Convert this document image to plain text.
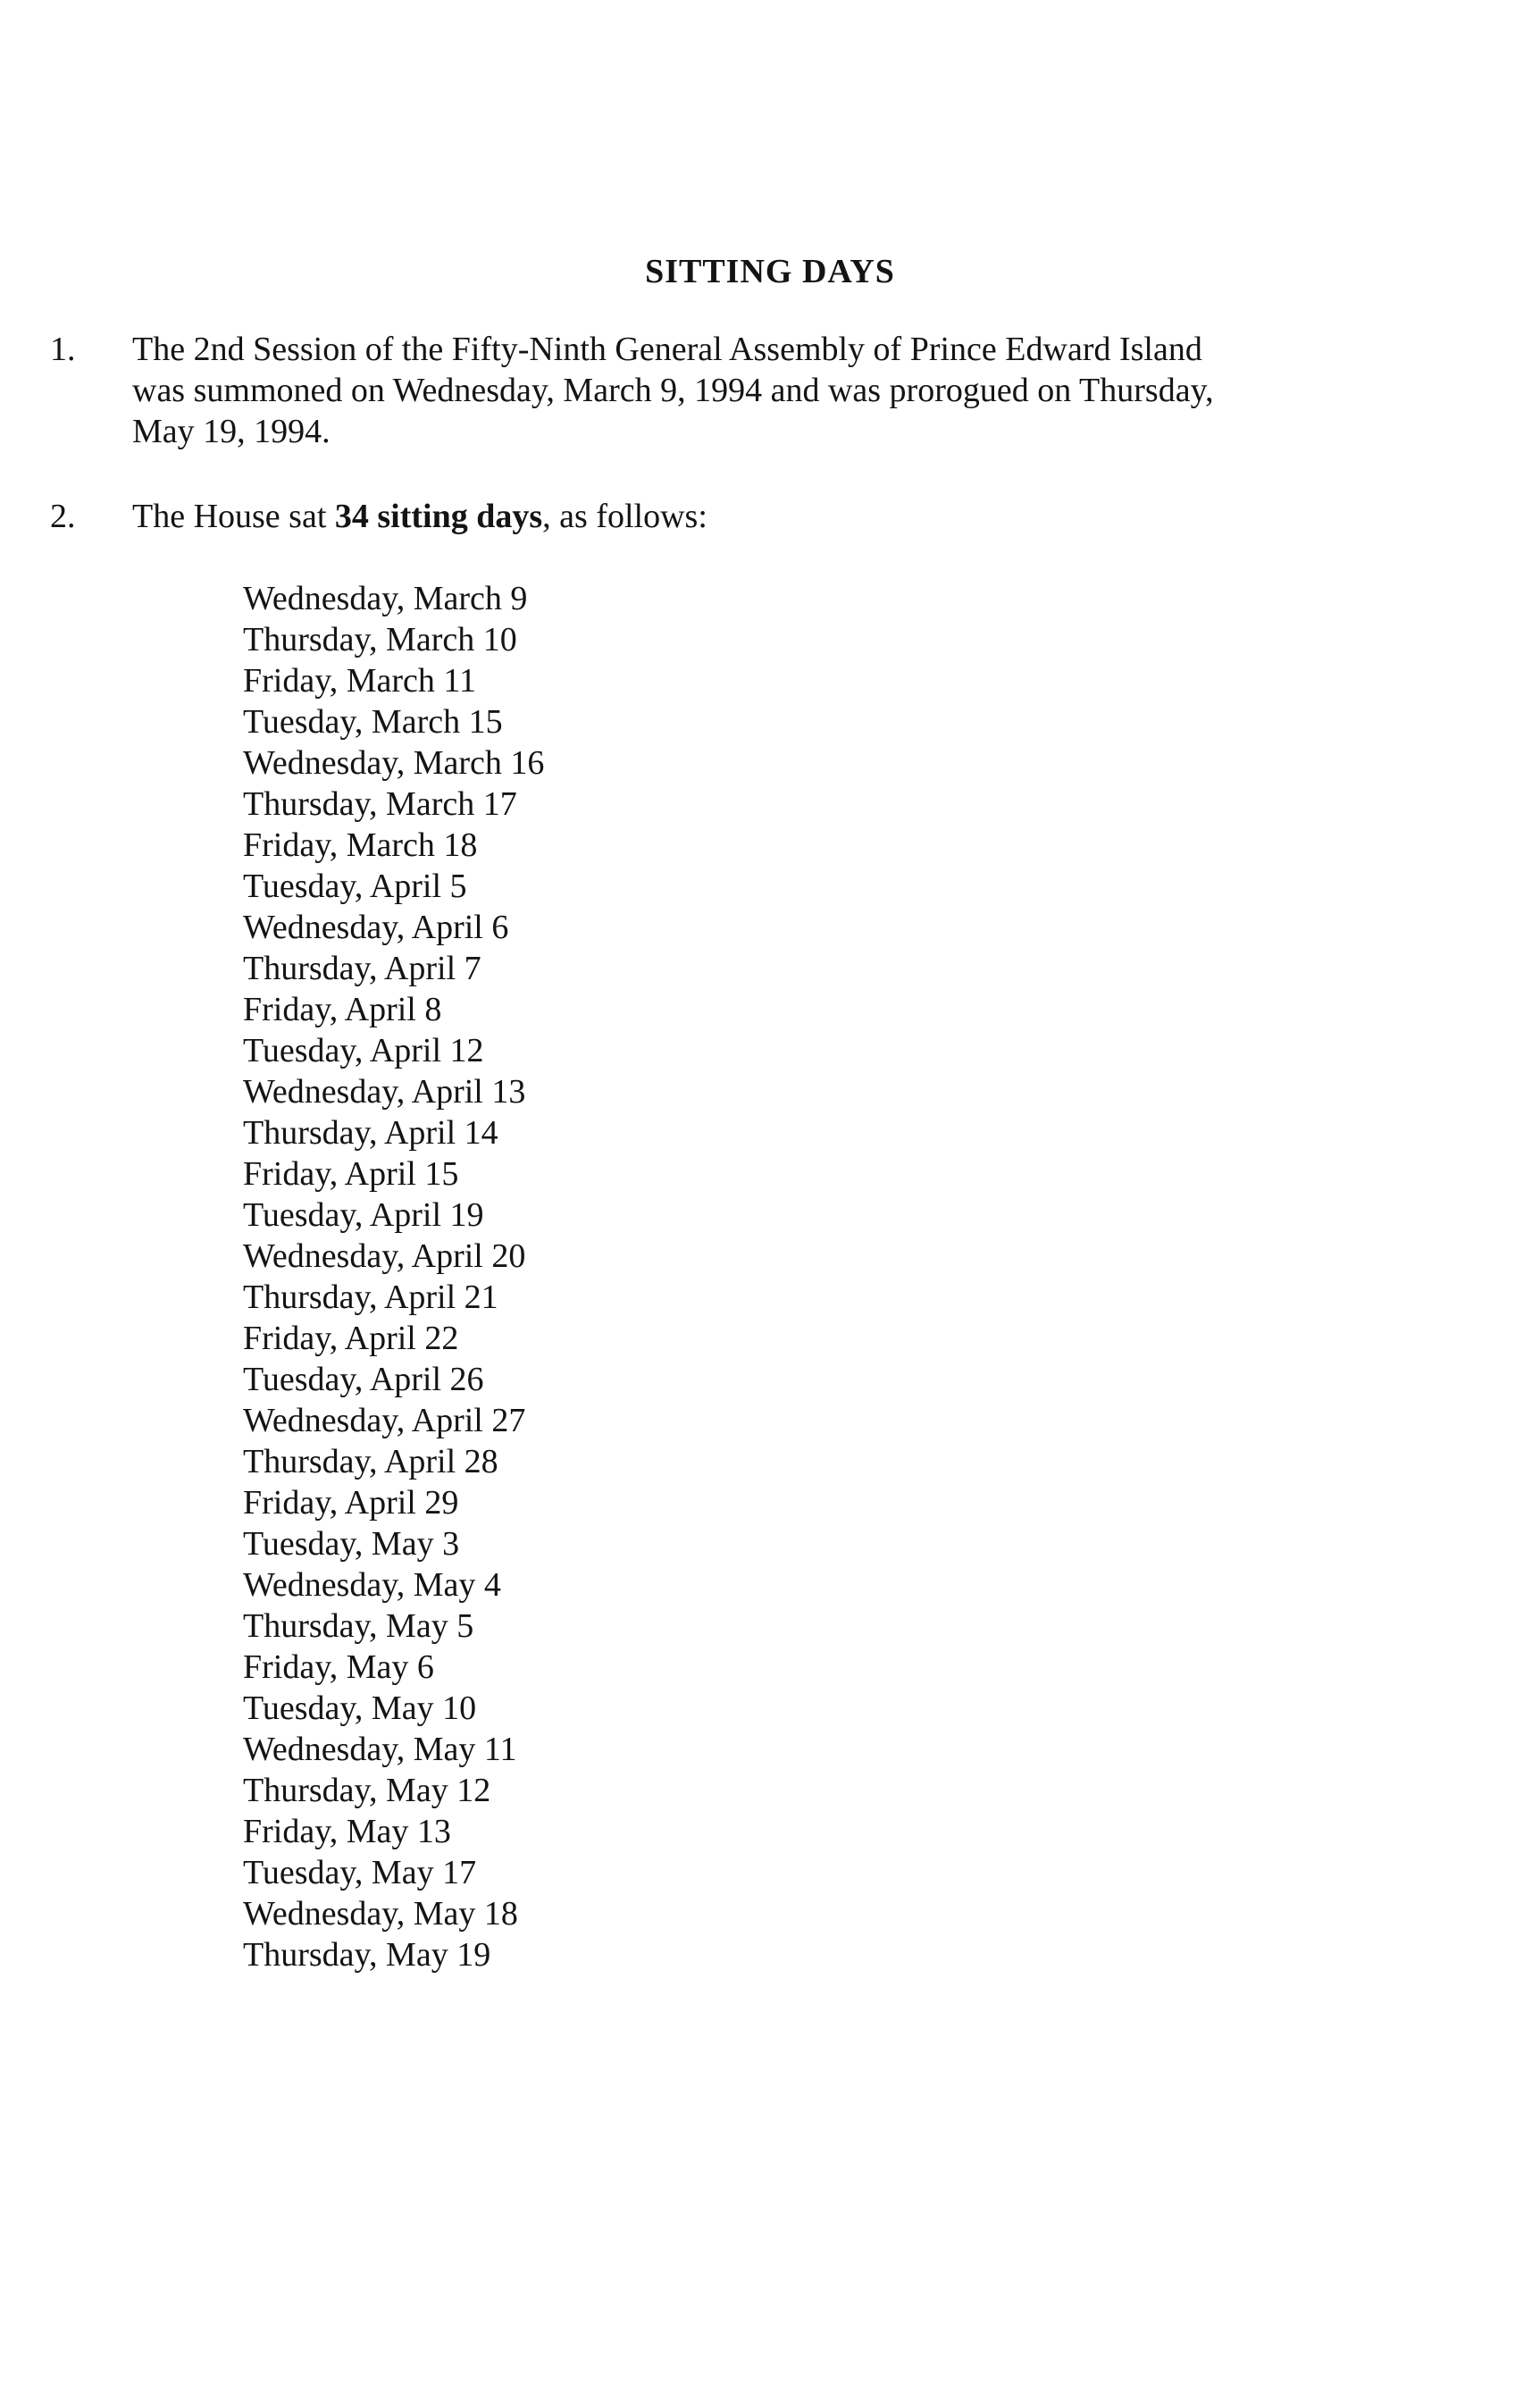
SITTING DAYS
1.	The 2nd Session of the Fifty-Ninth General Assembly of Prince Edward Island
was summoned on Wednesday, March 9, 1994 and was prorogued on Thursday,
May 19, 1994.
2.	The House sat 34 sitting days, as follows:
Wednesday, March 9
Thursday, March 10
Friday, March 11
Tuesday, March 15
Wednesday, March 16
Thursday, March 17
Friday, March 18
Tuesday, April 5
Wednesday, April 6
Thursday, April 7
Friday, April 8
Tuesday, April 12
Wednesday, April 13
Thursday, April 14
Friday, April 15
Tuesday, April 19
Wednesday, April 20
Thursday, April 21
Friday, April 22
Tuesday, April 26
Wednesday, April 27
Thursday, April 28
Friday, April 29
Tuesday, May 3
Wednesday, May 4
Thursday, May 5
Friday, May 6
Tuesday, May 10
Wednesday, May 11
Thursday, May 12
Friday, May 13
Tuesday, May 17
Wednesday, May 18
Thursday, May 19
